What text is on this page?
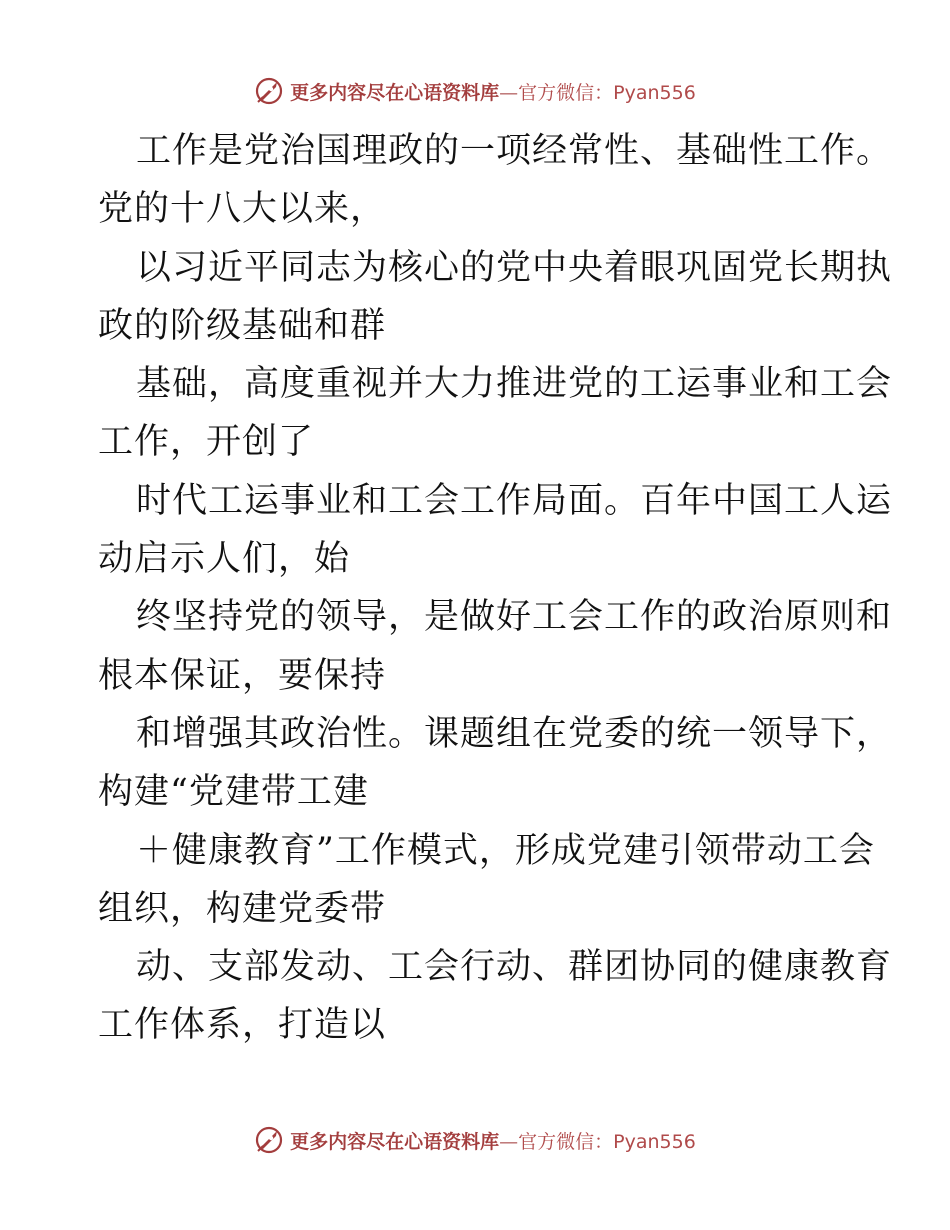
更多内容尽在心语资料库—官方微信：Pyan556
工作是党治国理政的一项经常性、基础性工作。
党的十八大以来，
以习近平同志为核心的党中央着眼巩固党长期执
政的阶级基础和群
基础，高度重视并大力推进党的工运事业和工会
工作，开创了
时代工运事业和工会工作局面。百年中国工人运
动启示人们，始
终坚持党的领导，是做好工会工作的政治原则和
根本保证，要保持
和增强其政治性。课题组在党委的统一领导下，
构建“党建带工建
＋健康教育”工作模式，形成党建引领带动工会
组织，构建党委带
动、支部发动、工会行动、群团协同的健康教育
工作体系，打造以
更多内容尽在心语资料库—官方微信：Pyan556
